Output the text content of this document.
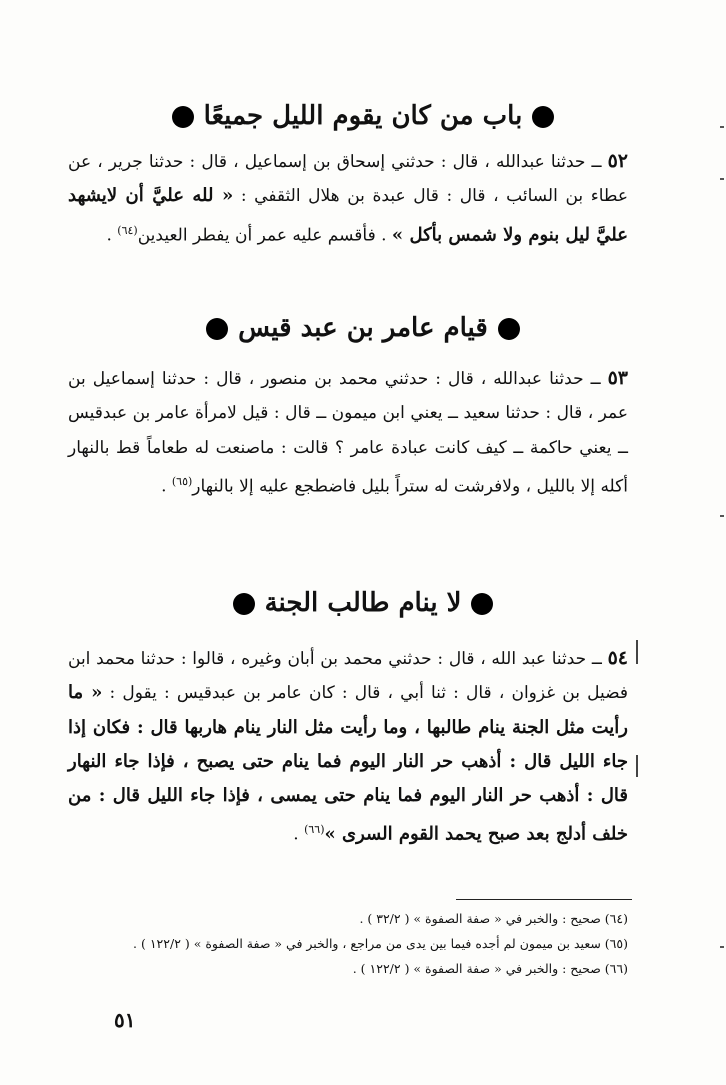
باب من كان يقوم الليل جميعًا
٥٢ ــ حدثنا عبدالله ، قال : حدثني إسحاق بن إسماعيل ، قال : حدثنا جرير ، عن عطاء بن السائب ، قال : قال عبدة بن هلال الثقفي : « لله عليَّ أن لايشهد عليَّ ليل بنوم ولا شمس بأكل » . فأقسم عليه عمر أن يفطر العيدين$^{(٦٤)}$ .
قيام عامر بن عبد قيس
٥٣ ــ حدثنا عبدالله ، قال : حدثني محمد بن منصور ، قال : حدثنا إسماعيل بن عمر ، قال : حدثنا سعيد ــ يعني ابن ميمون ــ قال : قيل لامرأة عامر بن عبدقيس ــ يعني حاكمة ــ كيف كانت عبادة عامر ؟ قالت : ماصنعت له طعاماً قط بالنهار أكله إلا بالليل ، ولافرشت له ستراً بليل فاضطجع عليه إلا بالنهار$^{(٦٥)}$ .
لا ينام طالب الجنة
٥٤ ــ حدثنا عبد الله ، قال : حدثني محمد بن أبان وغيره ، قالوا : حدثنا محمد ابن فضيل بن غزوان ، قال : ثنا أبي ، قال : كان عامر بن عبدقيس : يقول : « ما رأيت مثل الجنة ينام طالبها ، وما رأيت مثل النار ينام هاربها قال : فكان إذا جاء الليل قال : أذهب حر النار اليوم فما ينام حتى يصبح ، فإذا جاء النهار قال : أذهب حر النار اليوم فما ينام حتى يمسى ، فإذا جاء الليل قال : من خلف أدلج بعد صبح يحمد القوم السرى »$^{(٦٦)}$ .
(٦٤) صحيح : والخبر في « صفة الصفوة » ( ٣٢/٢ ) .
(٦٥) سعيد بن ميمون لم أجده فيما بين يدى من مراجع ، والخبر في « صفة الصفوة » ( ١٢٢/٢ ) .
(٦٦) صحيح : والخبر في « صفة الصفوة » ( ١٢٢/٢ ) .
٥١
